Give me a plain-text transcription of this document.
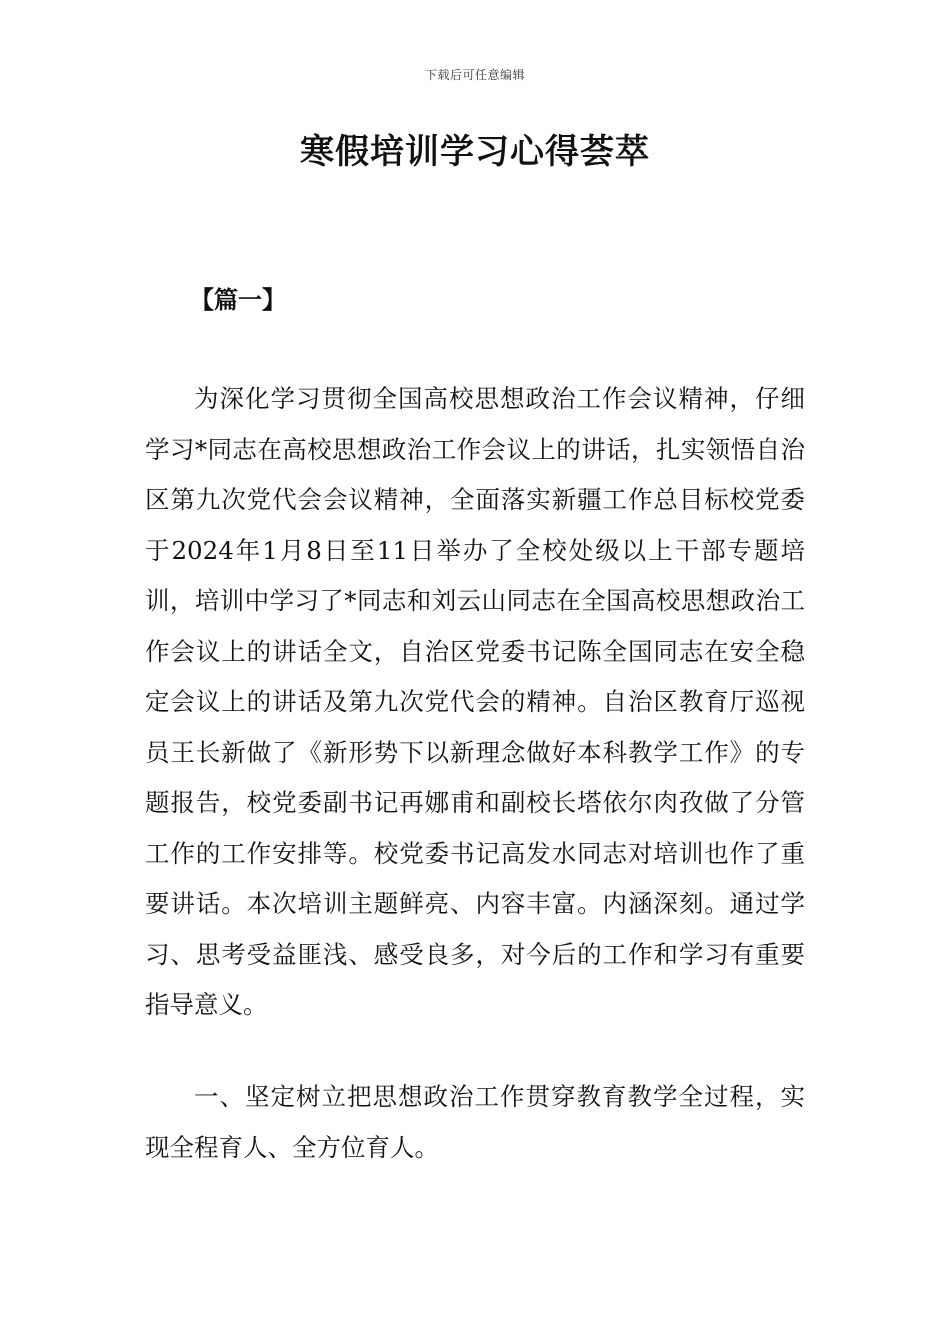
下载后可任意编辑
寒假培训学习心得荟萃
【篇一】

为深化学习贯彻全国高校思想政治工作会议精神，仔细学习*同志在高校思想政治工作会议上的讲话，扎实领悟自治区第九次党代会会议精神，全面落实新疆工作总目标校党委于2024年1月8日至11日举办了全校处级以上干部专题培训，培训中学习了*同志和刘云山同志在全国高校思想政治工作会议上的讲话全文，自治区党委书记陈全国同志在安全稳定会议上的讲话及第九次党代会的精神。自治区教育厅巡视员王长新做了《新形势下以新理念做好本科教学工作》的专题报告，校党委副书记再娜甫和副校长塔依尔肉孜做了分管工作的工作安排等。校党委书记高发水同志对培训也作了重要讲话。本次培训主题鲜亮、内容丰富。内涵深刻。通过学习、思考受益匪浅、感受良多，对今后的工作和学习有重要指导意义。

一、坚定树立把思想政治工作贯穿教育教学全过程，实现全程育人、全方位育人。
